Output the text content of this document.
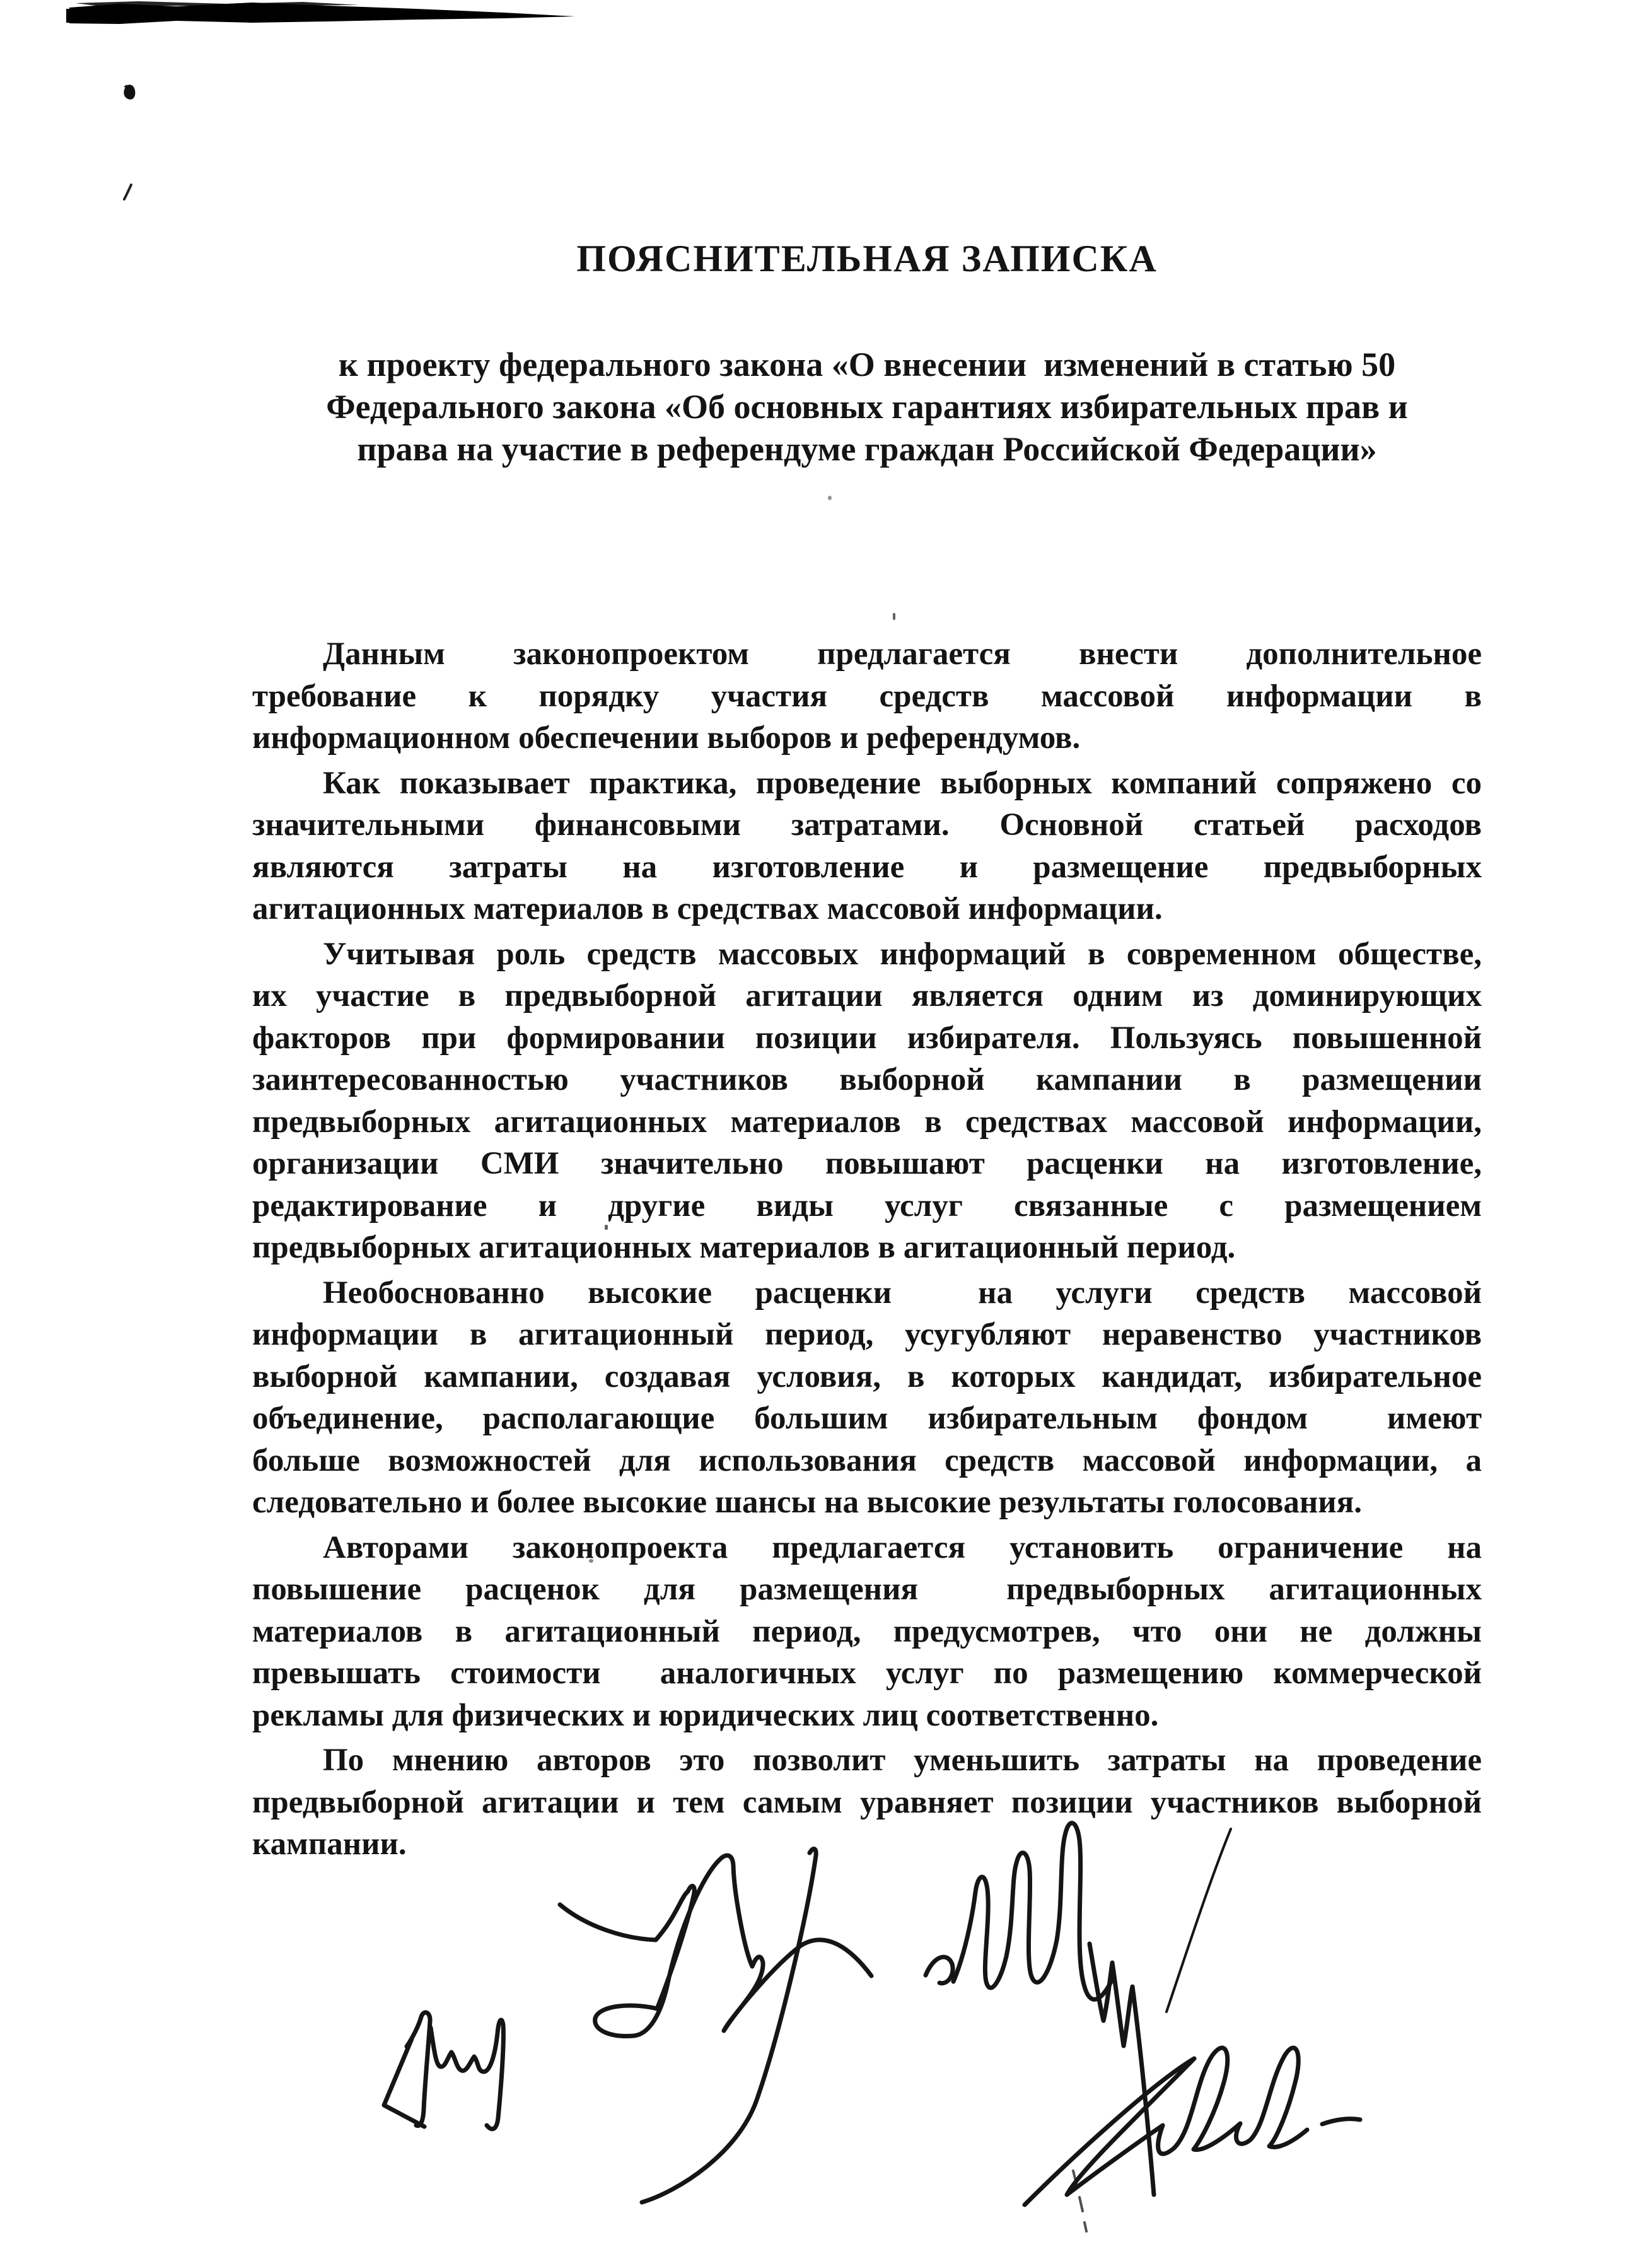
ПОЯСНИТЕЛЬНАЯ ЗАПИСКА
к проекту федерального закона «О внесении  изменений в статью 50
Федерального закона «Об основных гарантиях избирательных прав и
права на участие в референдуме граждан Российской Федерации»
Данным законопроектом предлагается внести дополнительное
требование к порядку участия средств массовой информации в
информационном обеспечении выборов и референдумов.
Как показывает практика, проведение выборных компаний сопряжено со
значительными финансовыми затратами. Основной статьей расходов
являются затраты на изготовление и размещение предвыборных
агитационных материалов в средствах массовой информации.
Учитывая роль средств массовых информаций в современном обществе,
их участие в предвыборной агитации является одним из доминирующих
факторов при формировании позиции избирателя. Пользуясь повышенной
заинтересованностью участников выборной кампании в размещении
предвыборных агитационных материалов в средствах массовой информации,
организации СМИ значительно повышают расценки на изготовление,
редактирование и другие виды услуг связанные с размещением
предвыборных агитационных материалов в агитационный период.
Необоснованно высокие расценки  на услуги средств массовой
информации в агитационный период, усугубляют неравенство участников
выборной кампании, создавая условия, в которых кандидат, избирательное
объединение, располагающие большим избирательным фондом  имеют
больше возможностей для использования средств массовой информации, а
следовательно и более высокие шансы на высокие результаты голосования.
Авторами законопроекта предлагается установить ограничение на
повышение расценок для размещения  предвыборных агитационных
материалов в агитационный период, предусмотрев, что они не должны
превышать стоимости  аналогичных услуг по размещению коммерческой
рекламы для физических и юридических лиц соответственно.
По мнению авторов это позволит уменьшить затраты на проведение
предвыборной агитации и тем самым уравняет позиции участников выборной
кампании.
